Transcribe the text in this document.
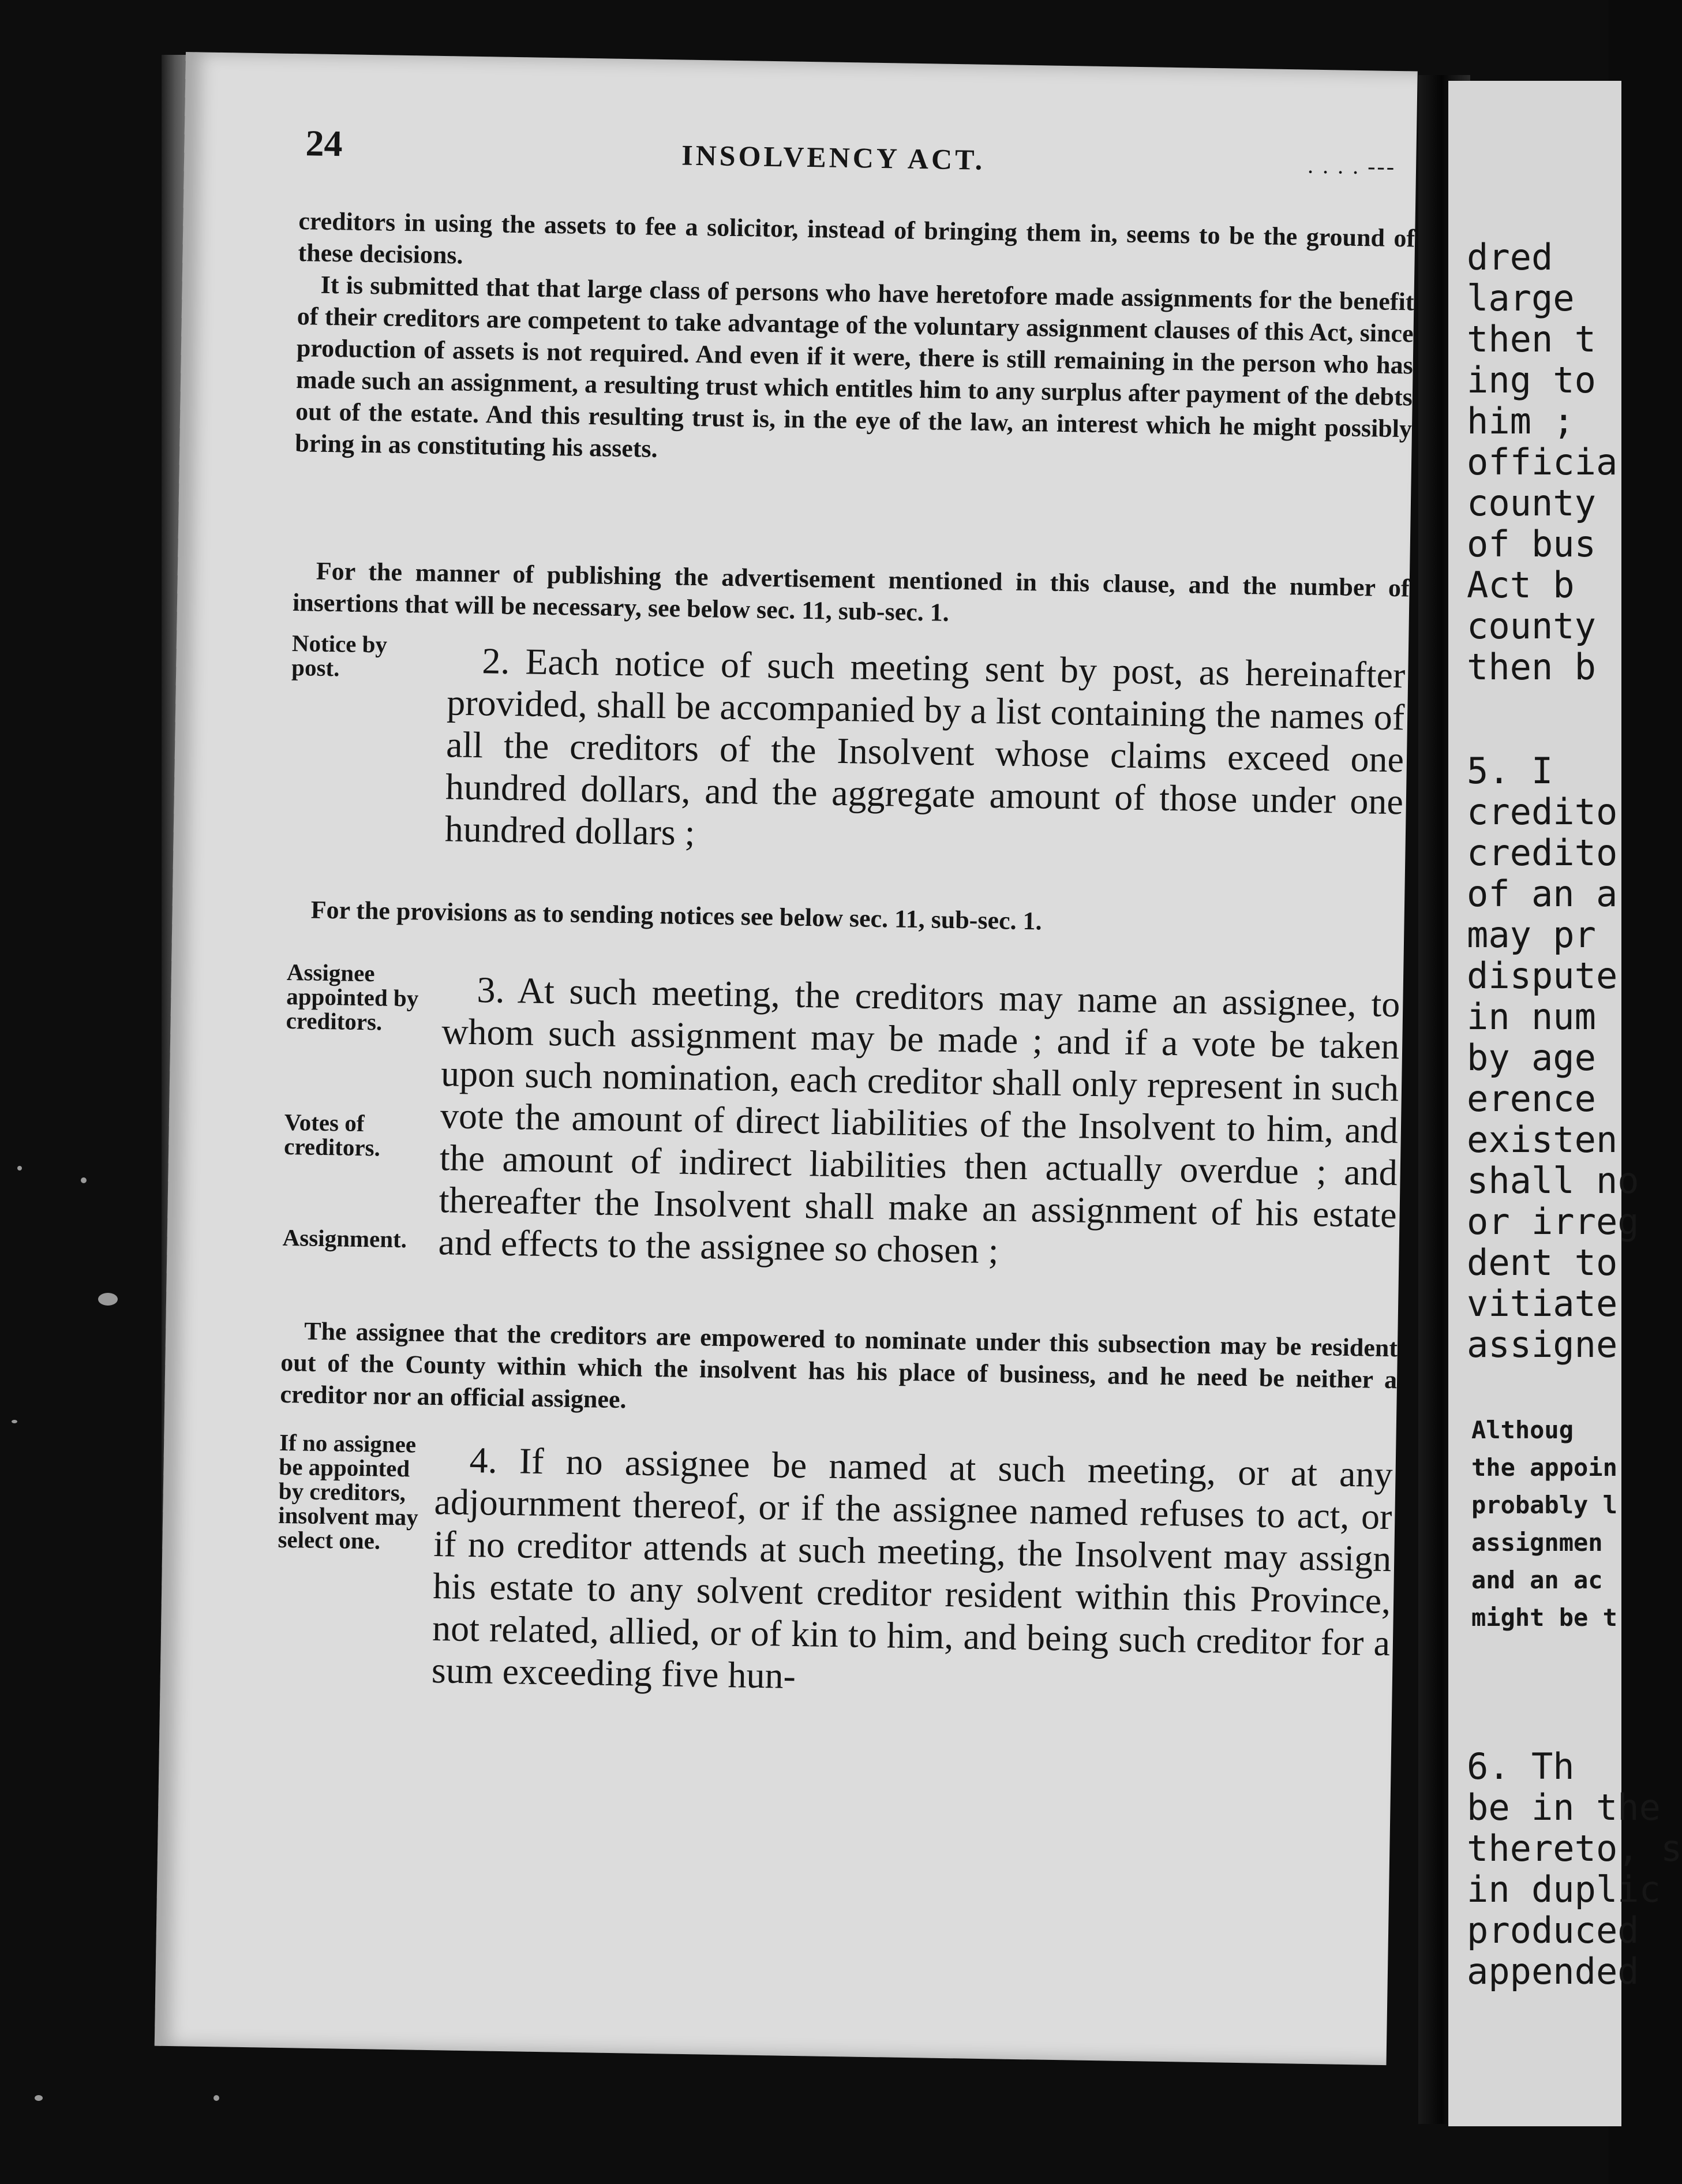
dred
large
then t
ing to
him ;
officia
county
of bus
Act b
county
then b
5. I
credito
credito
of an a
may pr
dispute
in num
by age
erence
existen
shall no
or irreg
dent to
vitiate
assigne
Althoug
the appoin
probably l
assignmen
and an ac
might be t
6. Th
be in the
thereto, s
in duplic
produced
appended
24	INSOLVENCY ACT.	. . . . ---

creditors in using the assets to fee a solicitor, instead of bringing them in, seems to be the ground of these decisions.

It is submitted that that large class of persons who have heretofore made assignments for the benefit of their creditors are competent to take advantage of the voluntary assignment clauses of this Act, since production of assets is not required. And even if it were, there is still remaining in the person who has made such an assignment, a resulting trust which entitles him to any surplus after payment of the debts out of the estate. And this resulting trust is, in the eye of the law, an interest which he might possibly bring in as constituting his assets.

For the manner of publishing the advertisement mentioned in this clause, and the number of insertions that will be necessary, see below sec. 11, sub-sec. 1.

Notice by post.	2. Each notice of such meeting sent by post, as hereinafter provided, shall be accompanied by a list containing the names of all the creditors of the Insolvent whose claims exceed one hundred dollars, and the aggregate amount of those under one hundred dollars ;

For the provisions as to sending notices see below sec. 11, sub-sec. 1.

Assignee appointed by creditors.	3. At such meeting, the creditors may name an assignee, to whom such assignment may be made ; and if a vote be taken upon such nomination, each creditor shall only represent in such vote the amount of direct liabilities of the Insolvent to him, and the amount of indirect liabilities then actually overdue ; and thereafter the Insolvent shall make an assignment of his estate and effects to the assignee so chosen ;

Votes of creditors.

Assignment.

The assignee that the creditors are empowered to nominate under this subsection may be resident out of the County within which the insolvent has his place of business, and he need be neither a creditor nor an official assignee.

If no assignee be appointed by creditors, insolvent may select one.

4. If no assignee be named at such meeting, or at any adjournment thereof, or if the assignee named refuses to act, or if no creditor attends at such meeting, the Insolvent may assign his estate to any solvent creditor resident within this Province, not related, allied, or of kin to him, and being such creditor for a sum exceeding five hun-
